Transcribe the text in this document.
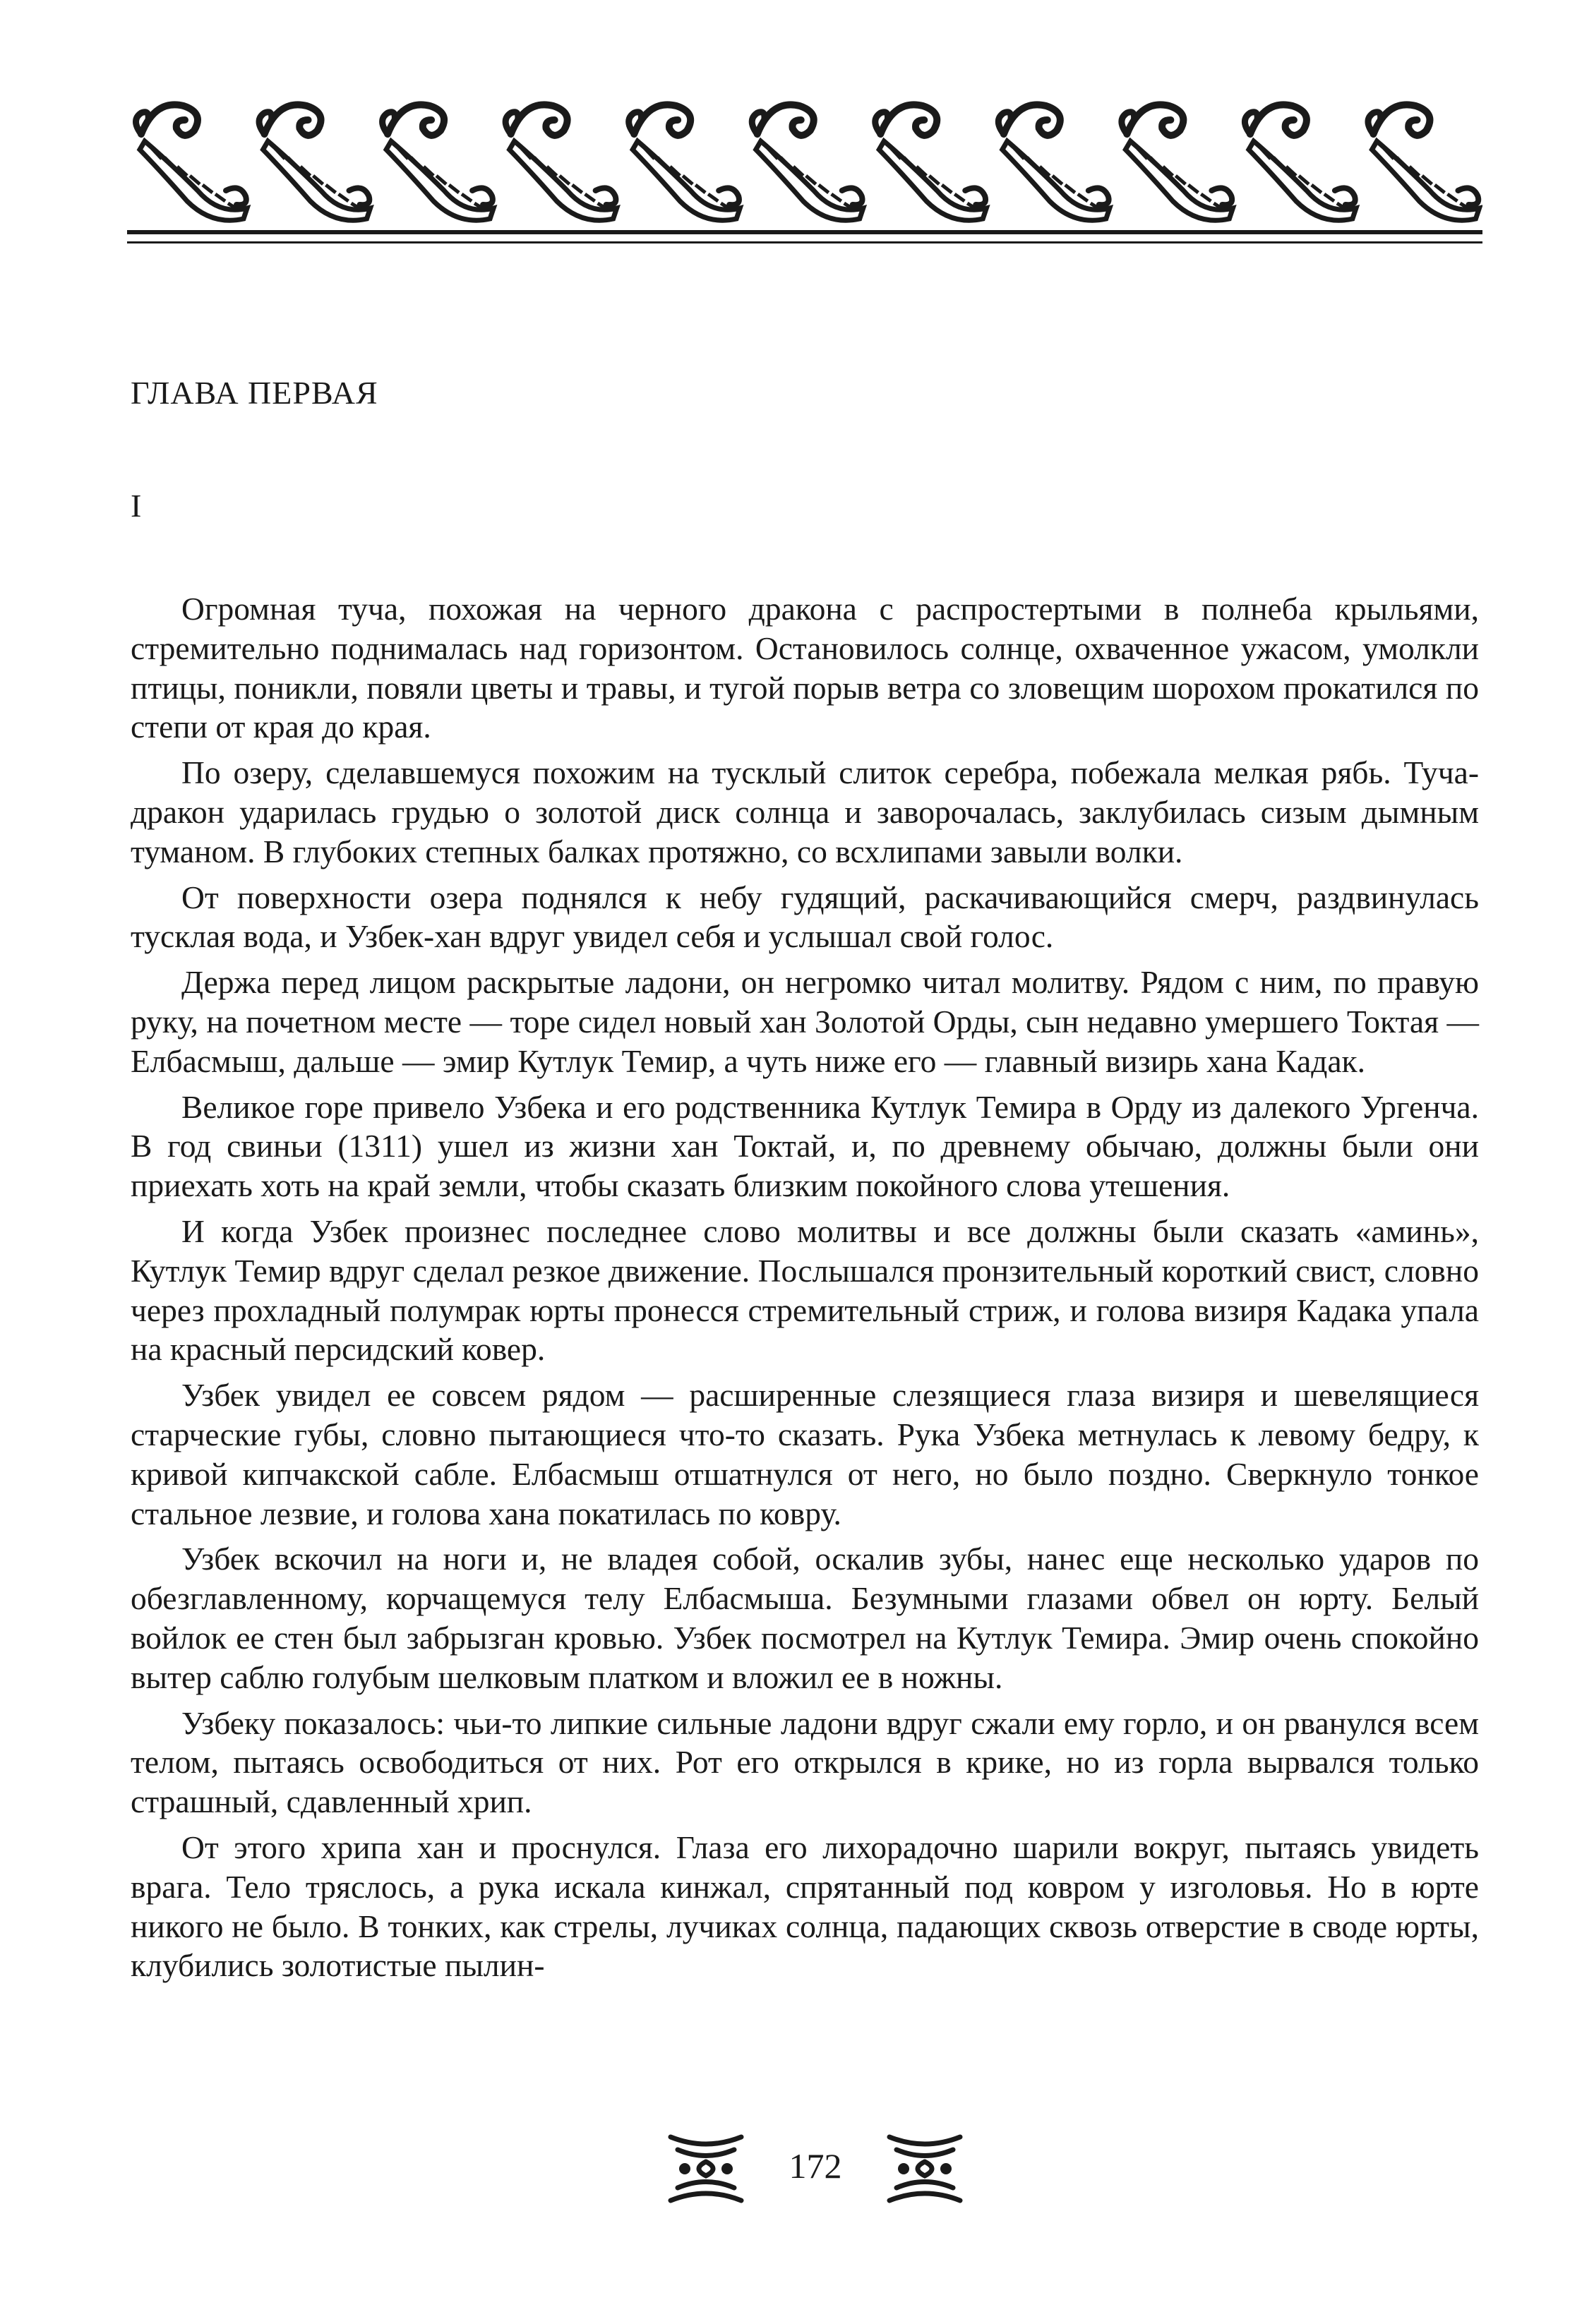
ГЛАВА ПЕРВАЯ
I

Огромная туча, похожая на черного дракона с распростертыми в полнеба крыльями, стремительно поднималась над горизонтом. Остановилось солнце, охваченное ужасом, умолкли птицы, поникли, повяли цветы и травы, и тугой порыв ветра со зловещим шорохом прокатился по степи от края до края.

По озеру, сделавшемуся похожим на тусклый слиток серебра, побежала мелкая рябь. Туча-дракон ударилась грудью о золотой диск солнца и заворочалась, заклубилась сизым дымным туманом. В глубоких степных балках протяжно, со всхлипами завыли волки.

От поверхности озера поднялся к небу гудящий, раскачивающийся смерч, раздвинулась тусклая вода, и Узбек-хан вдруг увидел себя и услышал свой голос.

Держа перед лицом раскрытые ладони, он негромко читал молитву. Рядом с ним, по правую руку, на почетном месте — торе сидел новый хан Золотой Орды, сын недавно умершего Токтая — Елбасмыш, дальше — эмир Кутлук Темир, а чуть ниже его — главный визирь хана Кадак.

Великое горе привело Узбека и его родственника Кутлук Темира в Орду из далекого Ургенча. В год свиньи (1311) ушел из жизни хан Токтай, и, по древнему обычаю, должны были они приехать хоть на край земли, чтобы сказать близким покойного слова утешения.

И когда Узбек произнес последнее слово молитвы и все должны были сказать «аминь», Кутлук Темир вдруг сделал резкое движение. Послышался пронзительный короткий свист, словно через прохладный полумрак юрты пронесся стремительный стриж, и голова визиря Кадака упала на красный персидский ковер.

Узбек увидел ее совсем рядом — расширенные слезящиеся глаза визиря и шевелящиеся старческие губы, словно пытающиеся что-то сказать. Рука Узбека метнулась к левому бедру, к кривой кипчакской сабле. Елбасмыш отшатнулся от него, но было поздно. Сверкнуло тонкое стальное лезвие, и голова хана покатилась по ковру.

Узбек вскочил на ноги и, не владея собой, оскалив зубы, нанес еще несколько ударов по обезглавленному, корчащемуся телу Елбасмыша. Безумными глазами обвел он юрту. Белый войлок ее стен был забрызган кровью. Узбек посмотрел на Кутлук Темира. Эмир очень спокойно вытер саблю голубым шелковым платком и вложил ее в ножны.

Узбеку показалось: чьи-то липкие сильные ладони вдруг сжали ему горло, и он рванулся всем телом, пытаясь освободиться от них. Рот его открылся в крике, но из горла вырвался только страшный, сдавленный хрип.

От этого хрипа хан и проснулся. Глаза его лихорадочно шарили вокруг, пытаясь увидеть врага. Тело тряслось, а рука искала кинжал, спрятанный под ковром у изголовья. Но в юрте никого не было. В тонких, как стрелы, лучиках солнца, падающих сквозь отверстие в своде юрты, клубились золотистые пылин-

172
